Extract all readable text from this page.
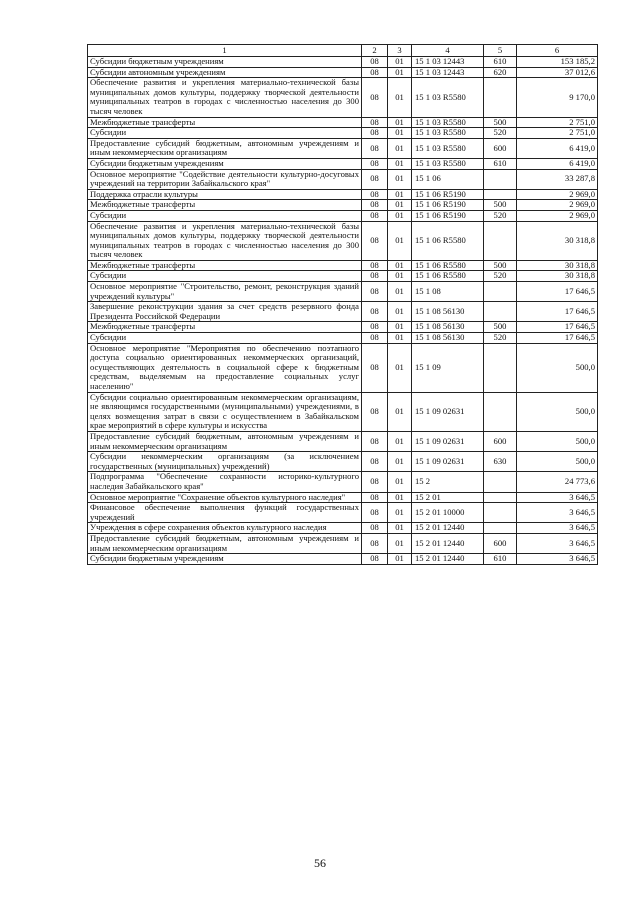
1	2	3	4	5	6
Субсидии бюджетным учреждениям	08	01	15 1 03 12443	610	153 185,2
Субсидии автономным учреждениям	08	01	15 1 03 12443	620	37 012,6
Обеспечение развития и укрепления материально-технической базы муниципальных домов культуры, поддержку творческой деятельности муниципальных театров в городах с численностью населения до 300 тысяч человек	08	01	15 1 03 R5580		9 170,0
Межбюджетные трансферты	08	01	15 1 03 R5580	500	2 751,0
Субсидии	08	01	15 1 03 R5580	520	2 751,0
Предоставление субсидий бюджетным, автономным учреждениям и иным некоммерческим организациям	08	01	15 1 03 R5580	600	6 419,0
Субсидии бюджетным учреждениям	08	01	15 1 03 R5580	610	6 419,0
Основное мероприятие "Содействие деятельности культурно-досуговых учреждений на территории Забайкальского края"	08	01	15 1 06		33 287,8
Поддержка отрасли культуры	08	01	15 1 06 R5190		2 969,0
Межбюджетные трансферты	08	01	15 1 06 R5190	500	2 969,0
Субсидии	08	01	15 1 06 R5190	520	2 969,0
Обеспечение развития и укрепления материально-технической базы муниципальных домов культуры, поддержку творческой деятельности муниципальных театров в городах с численностью населения до 300 тысяч человек	08	01	15 1 06 R5580		30 318,8
Межбюджетные трансферты	08	01	15 1 06 R5580	500	30 318,8
Субсидии	08	01	15 1 06 R5580	520	30 318,8
Основное мероприятие "Строительство, ремонт, реконструкция зданий учреждений культуры"	08	01	15 1 08		17 646,5
Завершение реконструкции здания за счет средств резервного фонда Президента Российской Федерации	08	01	15 1 08 56130		17 646,5
Межбюджетные трансферты	08	01	15 1 08 56130	500	17 646,5
Субсидии	08	01	15 1 08 56130	520	17 646,5
Основное мероприятие "Мероприятия по обеспечению поэтапного доступа социально ориентированных некоммерческих организаций, осуществляющих деятельность в социальной сфере к бюджетным средствам, выделяемым на предоставление социальных услуг населению"	08	01	15 1 09		500,0
Субсидии социально ориентированным некоммерческим организациям, не являющимся государственными (муниципальными) учреждениями, в целях возмещения затрат в связи с осуществлением в Забайкальском крае мероприятий в сфере культуры и искусства	08	01	15 1 09 02631		500,0
Предоставление субсидий бюджетным, автономным учреждениям и иным некоммерческим организациям	08	01	15 1 09 02631	600	500,0
Субсидии некоммерческим организациям (за исключением государственных (муниципальных) учреждений)	08	01	15 1 09 02631	630	500,0
Подпрограмма "Обеспечение сохранности историко-культурного наследия Забайкальского края"	08	01	15 2		24 773,6
Основное мероприятие "Сохранение объектов культурного наследия"	08	01	15 2 01		3 646,5
Финансовое обеспечение выполнения функций государственных учреждений	08	01	15 2 01 10000		3 646,5
Учреждения в сфере сохранения объектов культурного наследия	08	01	15 2 01 12440		3 646,5
Предоставление субсидий бюджетным, автономным учреждениям и иным некоммерческим организациям	08	01	15 2 01 12440	600	3 646,5
Субсидии бюджетным учреждениям	08	01	15 2 01 12440	610	3 646,5
56
